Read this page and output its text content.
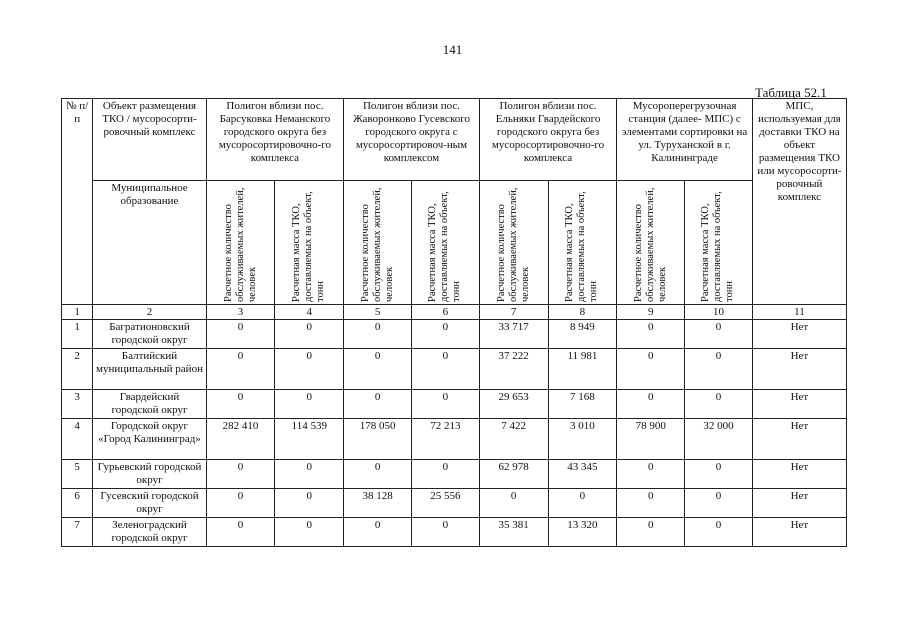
141
Таблица 52.1
№ п/п	Объект размещения ТКО / мусоросорти-ровочный комплекс	Полигон вблизи пос. Барсуковка Неманского городского округа без мусоросортировочно-го комплекса		Полигон вблизи пос. Жаворонково Гусевского городского округа с мусоросортировоч-ным комплексом		Полигон вблизи пос. Ельняки Гвардейского городского округа без мусоросортировочно-го комплекса		Мусороперегрузочная станция (далее- МПС) с элементами сортировки на ул. Туруханской в г. Калининграде		МПС, используемая для доставки ТКО на объект размещения ТКО или мусоросорти-ровочный комплекс
	Муниципальное образование	Расчетное количество обслуживаемых жителей, человек	Расчетная масса ТКО, доставляемых на объект, тонн	Расчетное количество обслуживаемых жителей, человек	Расчетная масса ТКО, доставляемых на объект, тонн	Расчетное количество обслуживаемых жителей, человек	Расчетная масса ТКО, доставляемых на объект, тонн	Расчетное количество обслуживаемых жителей, человек	Расчетная масса ТКО, доставляемых на объект, тонн	

1	2	3	4	5	6	7	8	9	10	11
1	Багратионовский городской округ	0	0	0	0	33 717	8 949	0	0	Нет
2	Балтийский муниципальный район	0	0	0	0	37 222	11 981	0	0	Нет
3	Гвардейский городской округ	0	0	0	0	29 653	7 168	0	0	Нет
4	Городской округ «Город Калининград»	282 410	114 539	178 050	72 213	7 422	3 010	78 900	32 000	Нет
5	Гурьевский городской округ	0	0	0	0	62 978	43 345	0	0	Нет
6	Гусевский городской округ	0	0	38 128	25 556	0	0	0	0	Нет
7	Зеленоградский городской округ	0	0	0	0	35 381	13 320	0	0	Нет
